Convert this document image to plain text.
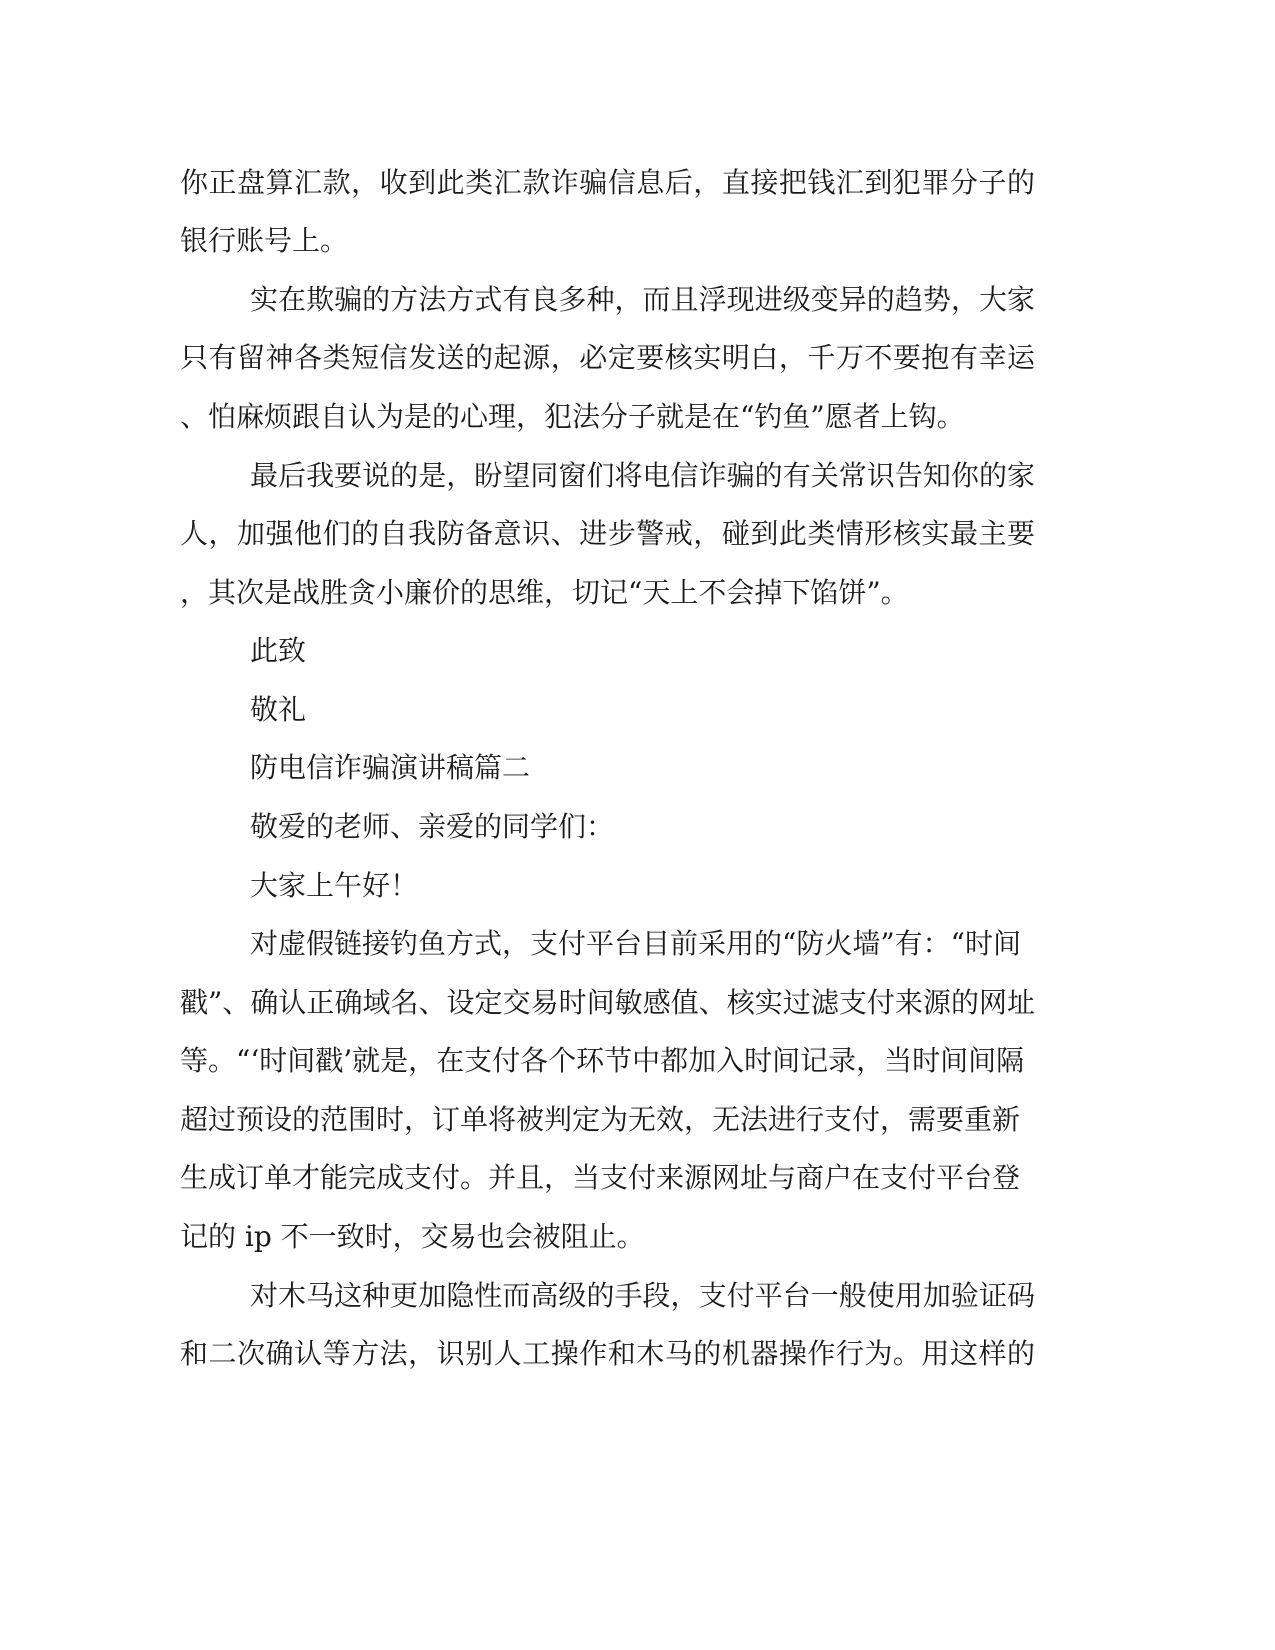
你正盘算汇款，收到此类汇款诈骗信息后，直接把钱汇到犯罪分子的
银行账号上。
实在欺骗的方法方式有良多种，而且浮现进级变异的趋势，大家
只有留神各类短信发送的起源，必定要核实明白，千万不要抱有幸运
、怕麻烦跟自认为是的心理，犯法分子就是在“钓鱼”愿者上钩。
最后我要说的是，盼望同窗们将电信诈骗的有关常识告知你的家
人，加强他们的自我防备意识、进步警戒，碰到此类情形核实最主要
，其次是战胜贪小廉价的思维，切记“天上不会掉下馅饼”。
此致
敬礼
防电信诈骗演讲稿篇二
敬爱的老师、亲爱的同学们：
大家上午好！
对虚假链接钓鱼方式，支付平台目前采用的“防火墙”有：“时间
戳”、确认正确域名、设定交易时间敏感值、核实过滤支付来源的网址
等。“‘时间戳’就是，在支付各个环节中都加入时间记录，当时间间隔
超过预设的范围时，订单将被判定为无效，无法进行支付，需要重新
生成订单才能完成支付。并且，当支付来源网址与商户在支付平台登
记的 ip 不一致时，交易也会被阻止。
对木马这种更加隐性而高级的手段，支付平台一般使用加验证码
和二次确认等方法，识别人工操作和木马的机器操作行为。用这样的
